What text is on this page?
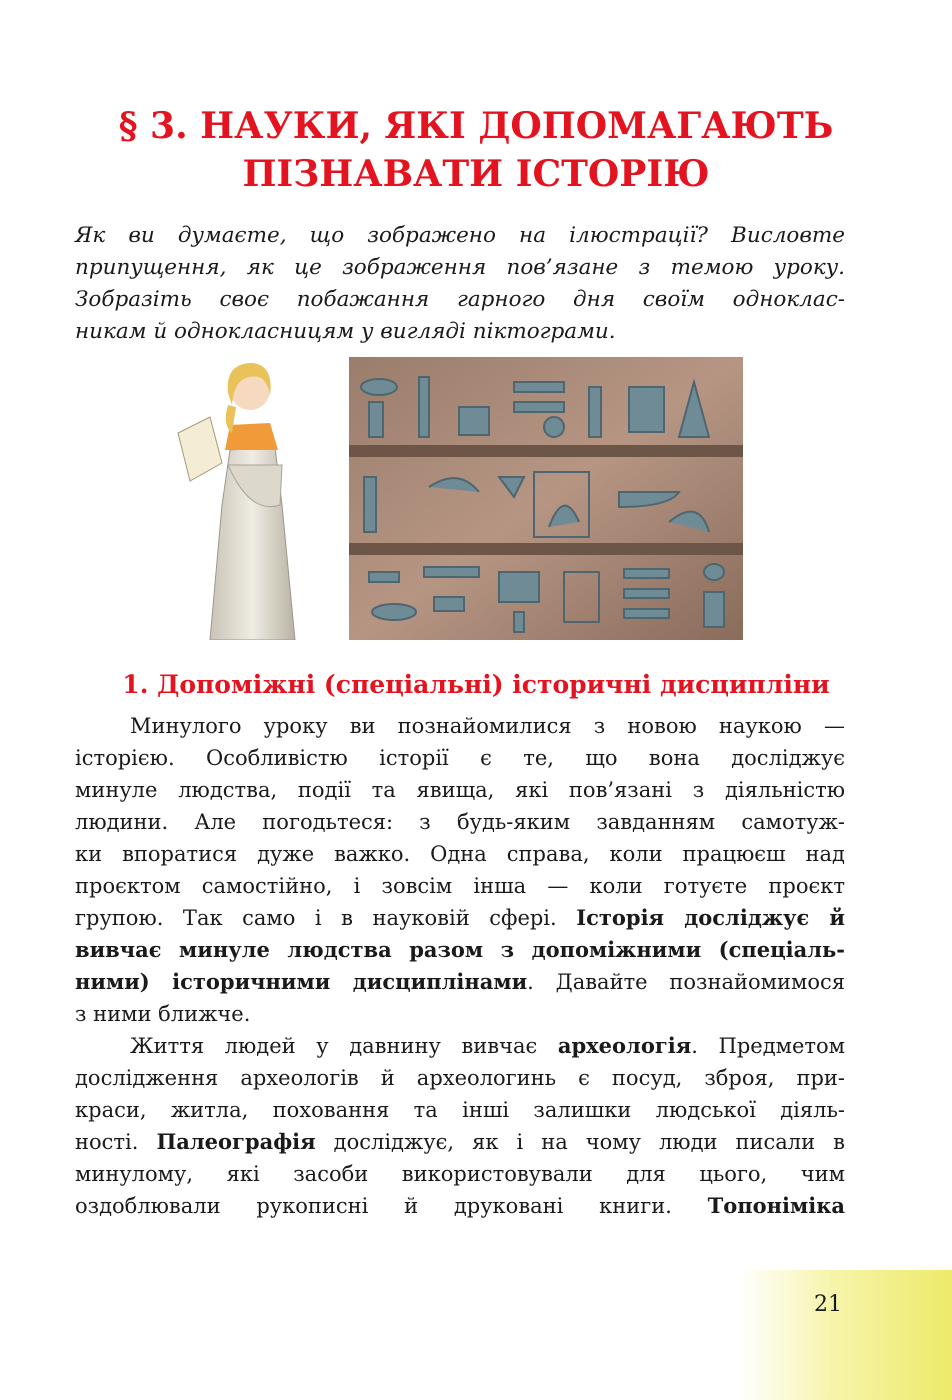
§ 3. НАУКИ, ЯКІ ДОПОМАГАЮТЬ
ПІЗНАВАТИ ІСТОРІЮ
Як ви думаєте, що зображено на ілюстрації? Висловте
припущення, як це зображення пов’язане з темою уроку.
Зобразіть своє побажання гарного дня своїм однoклас-
никам й однокласницям у вигляді піктограми.
1. Допоміжні (спеціальні) історичні дисципліни
Минулого уроку ви познайомилися з новою наукою —
історією. Особливістю історії є те, що вона досліджує
минуле людства, події та явища, які пов’язані з діяльністю
людини. Але погодьтеся: з будь-яким завданням самотуж-
ки впоратися дуже важко. Одна справа, коли працюєш над
проєктом самостійно, і зовсім інша — коли готуєте проєкт
групою. Так само і в науковій сфері. Історія досліджує й
вивчає минуле людства разом з допоміжними (спеціаль-
ними) історичними дисциплінами. Давайте познайомимося
з ними ближче.
Життя людей у давнину вивчає археологія. Предметом
дослідження археологів й археологинь є посуд, зброя, при-
краси, житла, поховання та інші залишки людської діяль-
ності. Палеографія досліджує, як і на чому люди писали в
минулому, які засоби використовували для цього, чим
оздоблювали рукописні й друковані книги. Топоніміка
21
